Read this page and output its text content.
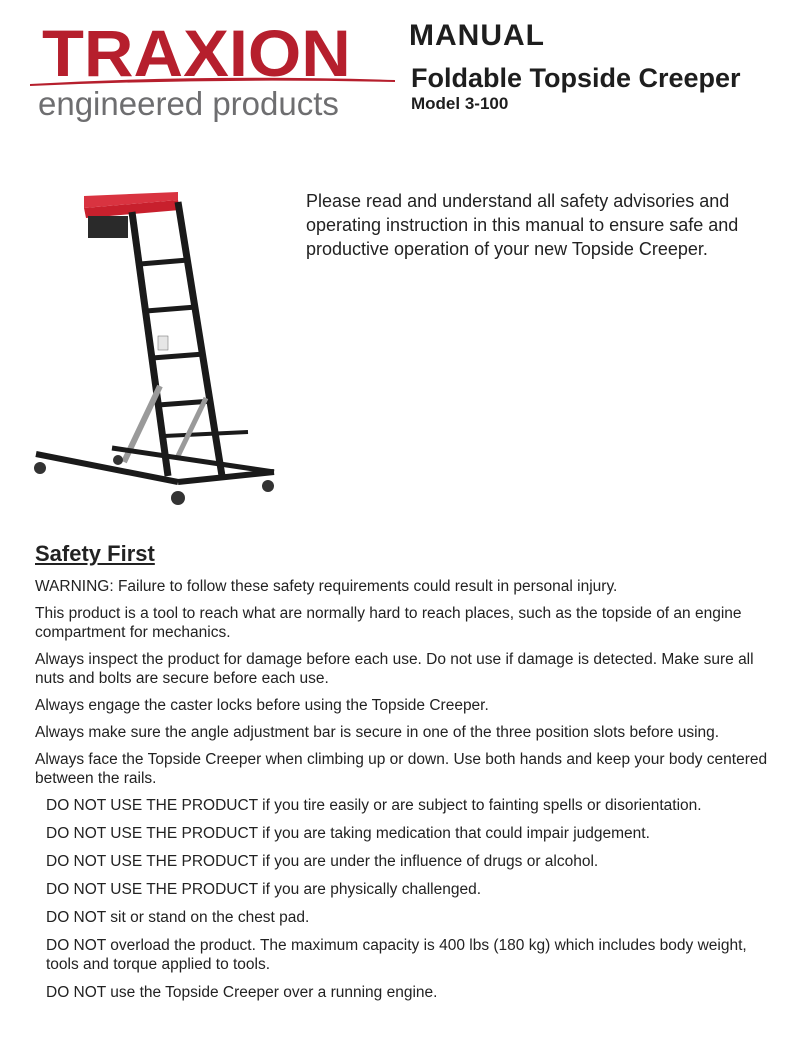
TRAXION
engineered products
MANUAL
Foldable Topside Creeper
Model 3-100
Please read and understand all safety advisories and operating instruction in this manual to ensure safe and productive operation of your new Topside Creeper.
Safety First

WARNING: Failure to follow these safety requirements could result in personal injury.

This product is a tool to reach what are normally hard to reach places, such as the topside of an engine compartment for mechanics.

Always inspect the product for damage before each use. Do not use if damage is detected. Make sure all nuts and bolts are secure before each use.

Always engage the caster locks before using the Topside Creeper.

Always make sure the angle adjustment bar is secure in one of the three position slots before using.

Always face the Topside Creeper when climbing up or down. Use both hands and keep your body centered between the rails.

DO NOT USE THE PRODUCT if you tire easily or are subject to fainting spells or disorientation.

DO NOT USE THE PRODUCT if you are taking medication that could impair judgement.

DO NOT USE THE PRODUCT if you are under the influence of drugs or alcohol.

DO NOT USE THE PRODUCT if you are physically challenged.

DO NOT sit or stand on the chest pad.

DO NOT overload the product. The maximum capacity is 400 lbs (180 kg) which includes body weight, tools and torque applied to tools.

DO NOT use the Topside Creeper over a running engine.
